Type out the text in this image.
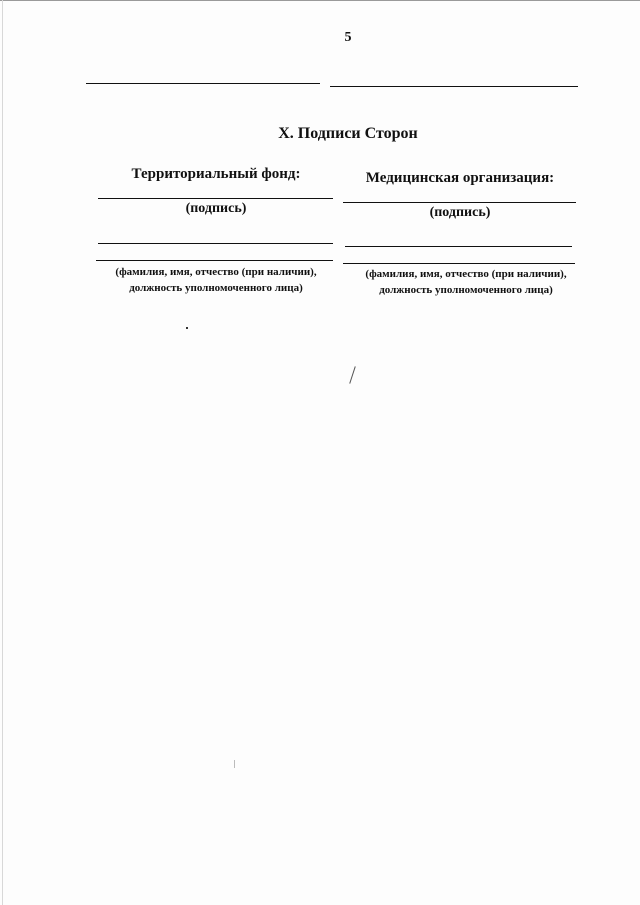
5
X. Подписи Сторон
Территориальный фонд:
(подпись)
(фамилия, имя, отчество (при наличии),
должность уполномоченного лица)
Медицинская организация:
(подпись)
(фамилия, имя, отчество (при наличии),
должность уполномоченного лица)
